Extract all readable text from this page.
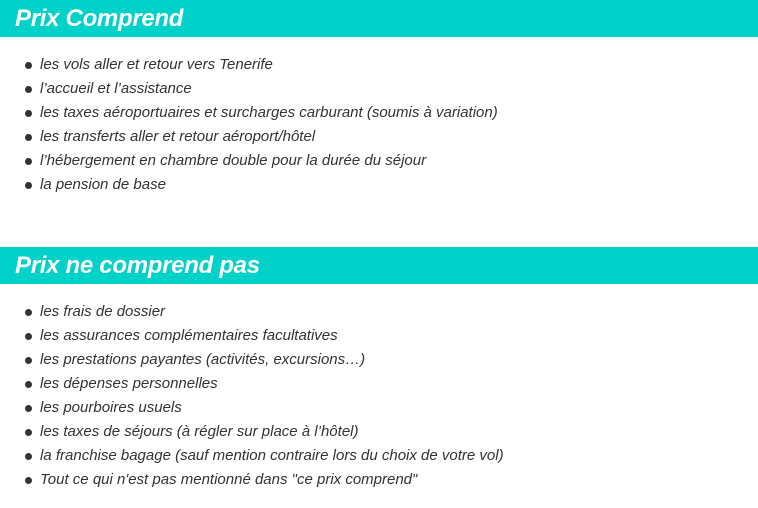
Prix Comprend
les vols aller et retour vers Tenerife
l’accueil et l’assistance
les taxes aéroportuaires et surcharges carburant (soumis à variation)
les transferts aller et retour aéroport/hôtel
l’hébergement en chambre double pour la durée du séjour
la pension de base
Prix ne comprend pas
les frais de dossier
les assurances complémentaires facultatives
les prestations payantes (activités, excursions…)
les dépenses personnelles
les pourboires usuels
les taxes de séjours (à régler sur place à l’hôtel)
la franchise bagage (sauf mention contraire lors du choix de votre vol)
Tout ce qui n'est pas mentionné dans "ce prix comprend"
